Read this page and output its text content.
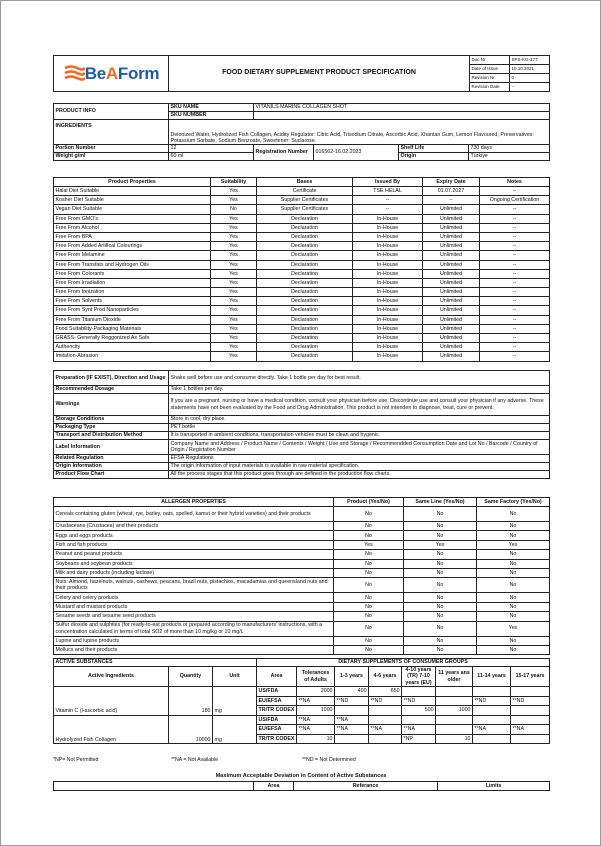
BeAForm	FOOD DIETARY SUPPLEMENT PRODUCT SPECIFICATION	Doc Nr	SPS-KG-177
		Date of Issue	10.10.2021
		Revision Nr	0
		Revision Date	--
PRODUCT INFO	SKU NAME	VITANILS MARINE COLLAGEN SHOT			
	SKU NUMBER				
INGREDIENTS	Deionized Water, Hydrolized Fish Collagen, Acidity Regulator: Citric Acid, Trisodium Citrate, Ascorbic Acid, Xhantan Gum, Lemon Flavoured, Preservatives: Potassium Sorbate, Sodium Benzoate, Sweetener: Suclarose.				
Portion Number	12	Registration Number	016562-16.02.2023	Shelf Life	730 days
Weight g/ml	60 ml			Origin	Türkiye
Product Properties	Suitability	Bases	Issued By	Expiry Date	Notes
Halal Diet Suitable	Yes	Certificate	TSE HELAL	01.07.2027	--
Kosher Diet Suitable	Yes	Supplier Certificates	--	--	Ongoing Certification
Vegan Diet Suitable	No	Supplier Certificates	--	Unlimited	--
Free From GMO's	Yes	Declaration	In-House	Unlimited	--
Free From Alcohol	Yes	Declaration	In-House	Unlimited	--
Free From BPA	Yes	Declaration	In-House	Unlimited	--
Free From Added Artifical Colourings	Yes	Declaration	In-House	Unlimited	--
Free From Melamine	Yes	Declaration	In-House	Unlimited	--
Free From Transfats and Hydrogen Oils	Yes	Declaration	In-House	Unlimited	--
Free From Colorants	Yes	Declaration	In-House	Unlimited	--
Free From Irradiation	Yes	Declaration	In-House	Unlimited	--
Free From Ionization	Yes	Declaration	In-House	Unlimited	--
Free From Solvents	Yes	Declaration	In-House	Unlimited	--
Free From Synt Prod Nanoparticles	Yes	Declaration	In-House	Unlimited	--
Free From Titanium Dioxide	Yes	Declaration	In-House	Unlimited	--
Food Suitability-Packaging Materials	Yes	Declaration	In-House	Unlimited	--
GRASS- Generally Reggonized As Safe	Yes	Declaration	In-House	Unlimited	--
Authencity	Yes	Declaration	In-House	Unlimited	--
Imitation-Abrasion	Yes	Declaration	In-House	Unlimited	--
Preparation (IF EXIST), Direction and Usage	Shake well before use and consume directly. Take 1 bottle per day for best result.
Recommended Dosage	Take 1 bottles per day.
Warnings	If you are a pregnant, nursing or have a medical condition, consult your physician before use. Discontinue use and consult your physician if any adverse. These statements have not been evaluated by the Food and Drug Administration. This product is not intenden to diagnose, treat, cure or prevent.
Storage Conditions	Store in cool, dry place.
Packaging Type	PET bottle
Transport and Distribution Method	It is transported in ambient conditions, transportation vehicles must be clean and hygenic.
Label Information	Company Name and Address / Product Name / Contents / Weight / Use and Storage / Recommendded Consumption Date and Lot No / Barcode / Country of Origin / Registation Number
Related Regulation	EFSA Regulations
Origin Information	The origin information of input materials is available in raw material specification.
Product Flow Chart	All the process stages that this product goes through are defined in the production flow charts.
ALLERGEN PROPERTIES	Product (Yes/No)	Same Line (Yes/No)	Same Factory (Yes/No)
Cereals containing gluten (wheat, rye, barley, oats, spelled, kamut or their hybrid varieties) and their products	No	No	No
Crustaceans (Crustacea) and their products	No	No	No
Eggs and eggs products	No	No	No
Fish and fish products	Yes	Yes	Yes
Peanut and peanut products	No	No	No
Soybeans and soybean products	No	No	No
Milk and dairy products (including lactose)	No	No	No
Nuts: Almond, hazelnuts, walnuts, cashews, peacans, brazil nuts, pistachios, macadamias and queensland nuts and their products	No	No	No
Celery and celery products	No	No	No
Mustard and mustard products	No	No	No
Sesame seeds and sesame seed products	No	No	No
Sulfur dioxide and sulphites (for ready-to-eat products or prepared according to manufacturers' instructions, with a concentration calculated in terms of total SO2 of more than 10 mg/kg or 10 mg/L	No	No	Yes
Lupine and lupine products	No	No	No
Mollucs and their products	No	No	No
ACTIVE SUBSTANCES			DIETARY SUPPLEMENTS OF CONSUMER GROUPS							
Active Ingredients	Quantity	Unit	Area	Tolerances of Adults	1-3 years	4-6 years	4-10 years (TR) 7-10 years (EU)	11 years ans older	11-14 years	15-17 years
Vitamin C (l-ascorbic acid)	180	mg	US/FDA	2000	400	650				
			EU/EFSA	**NA	**ND	**ND	**ND		**ND	**ND
			TR/TR CODEX	1000			500	1000		
Hydrolyzed Fish Collagen	10000	mg	US/FDA	**NA	**NA					
			EU/EFSA	**NA	**NA	**NA	**NA		**NA	**NA
			TR/TR CODEX	10			*NP	10		
*NP= Not Permitted	**NA = Not Available	**ND = Not Determined
Maximum Acceptable Deviation in Content of Active Substances
	Area	Referance	Limits
